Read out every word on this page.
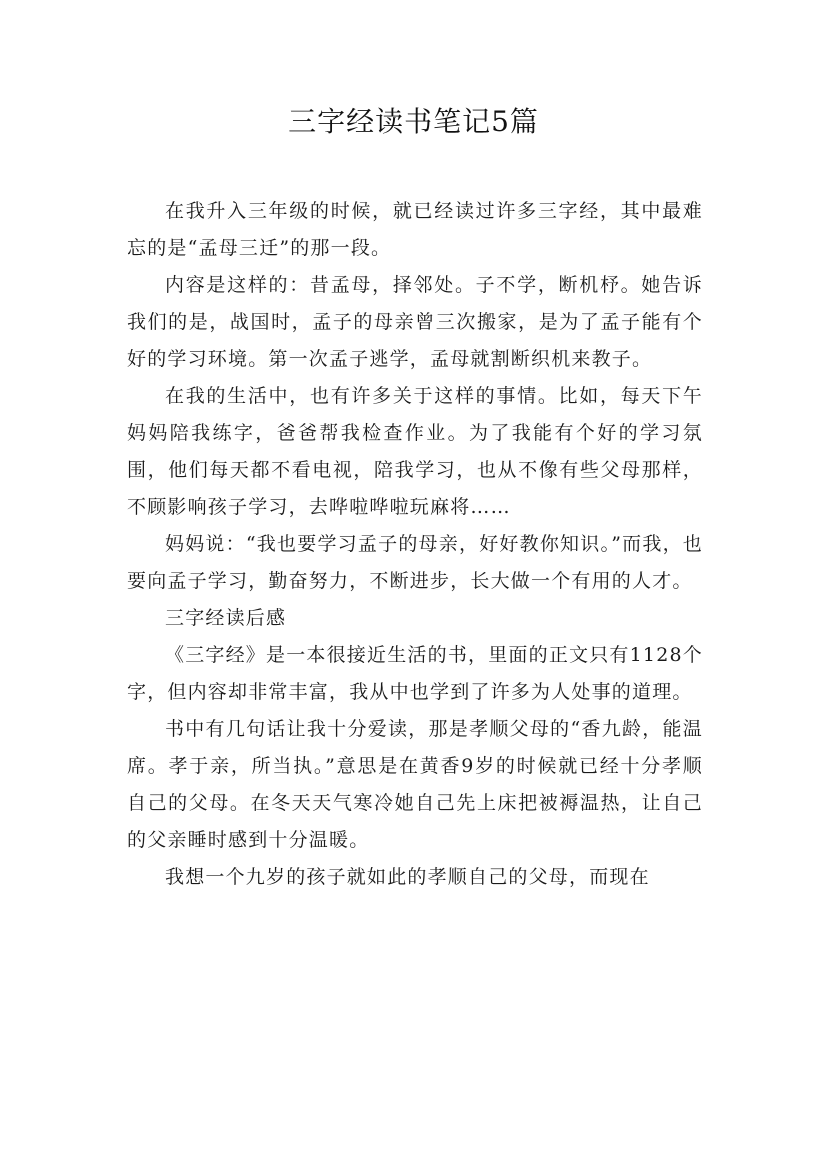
三字经读书笔记5篇

在我升入三年级的时候，就已经读过许多三字经，其中最难忘的是“孟母三迁”的那一段。

内容是这样的：昔孟母，择邻处。子不学，断机杼。她告诉我们的是，战国时，孟子的母亲曾三次搬家，是为了孟子能有个好的学习环境。第一次孟子逃学，孟母就割断织机来教子。

在我的生活中，也有许多关于这样的事情。比如，每天下午妈妈陪我练字，爸爸帮我检查作业。为了我能有个好的学习氛围，他们每天都不看电视，陪我学习，也从不像有些父母那样，不顾影响孩子学习，去哗啦哗啦玩麻将……

妈妈说：“我也要学习孟子的母亲，好好教你知识。”而我，也要向孟子学习，勤奋努力，不断进步，长大做一个有用的人才。

三字经读后感

《三字经》是一本很接近生活的书，里面的正文只有1128个字，但内容却非常丰富，我从中也学到了许多为人处事的道理。

书中有几句话让我十分爱读，那是孝顺父母的“香九龄，能温席。孝于亲，所当执。”意思是在黄香9岁的时候就已经十分孝顺自己的父母。在冬天天气寒冷她自己先上床把被褥温热，让自己的父亲睡时感到十分温暖。

我想一个九岁的孩子就如此的孝顺自己的父母，而现在
